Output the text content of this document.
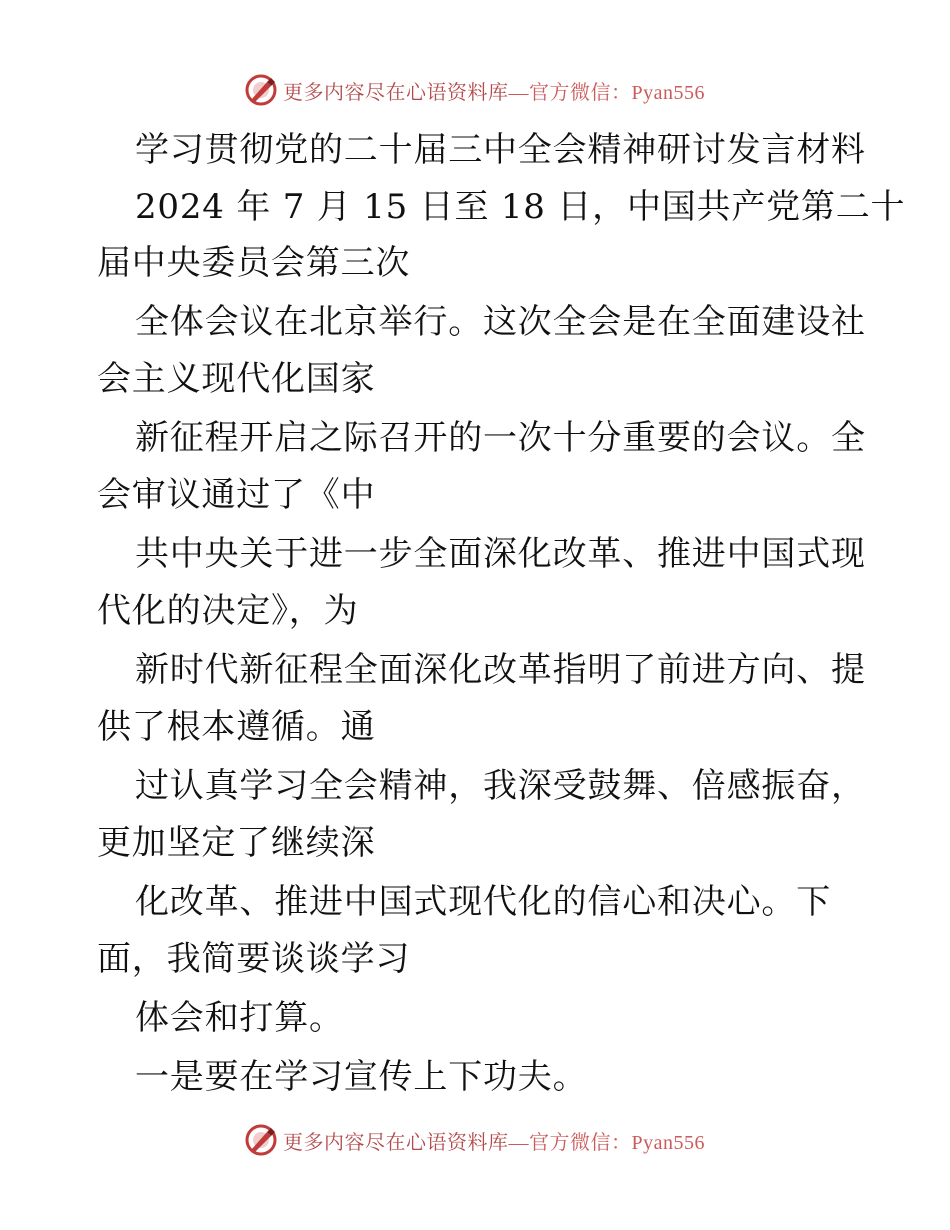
更多内容尽在心语资料库—官方微信：Pyan556
学习贯彻党的二十届三中全会精神研讨发言材料
2024 年 7 月 15 日至 18 日，中国共产党第二十
届中央委员会第三次
全体会议在北京举行。这次全会是在全面建设社
会主义现代化国家
新征程开启之际召开的一次十分重要的会议。全
会审议通过了《中
共中央关于进一步全面深化改革、推进中国式现
代化的决定》，为
新时代新征程全面深化改革指明了前进方向、提
供了根本遵循。通
过认真学习全会精神，我深受鼓舞、倍感振奋，
更加坚定了继续深
化改革、推进中国式现代化的信心和决心。下
面，我简要谈谈学习
体会和打算。
一是要在学习宣传上下功夫。
更多内容尽在心语资料库—官方微信：Pyan556
